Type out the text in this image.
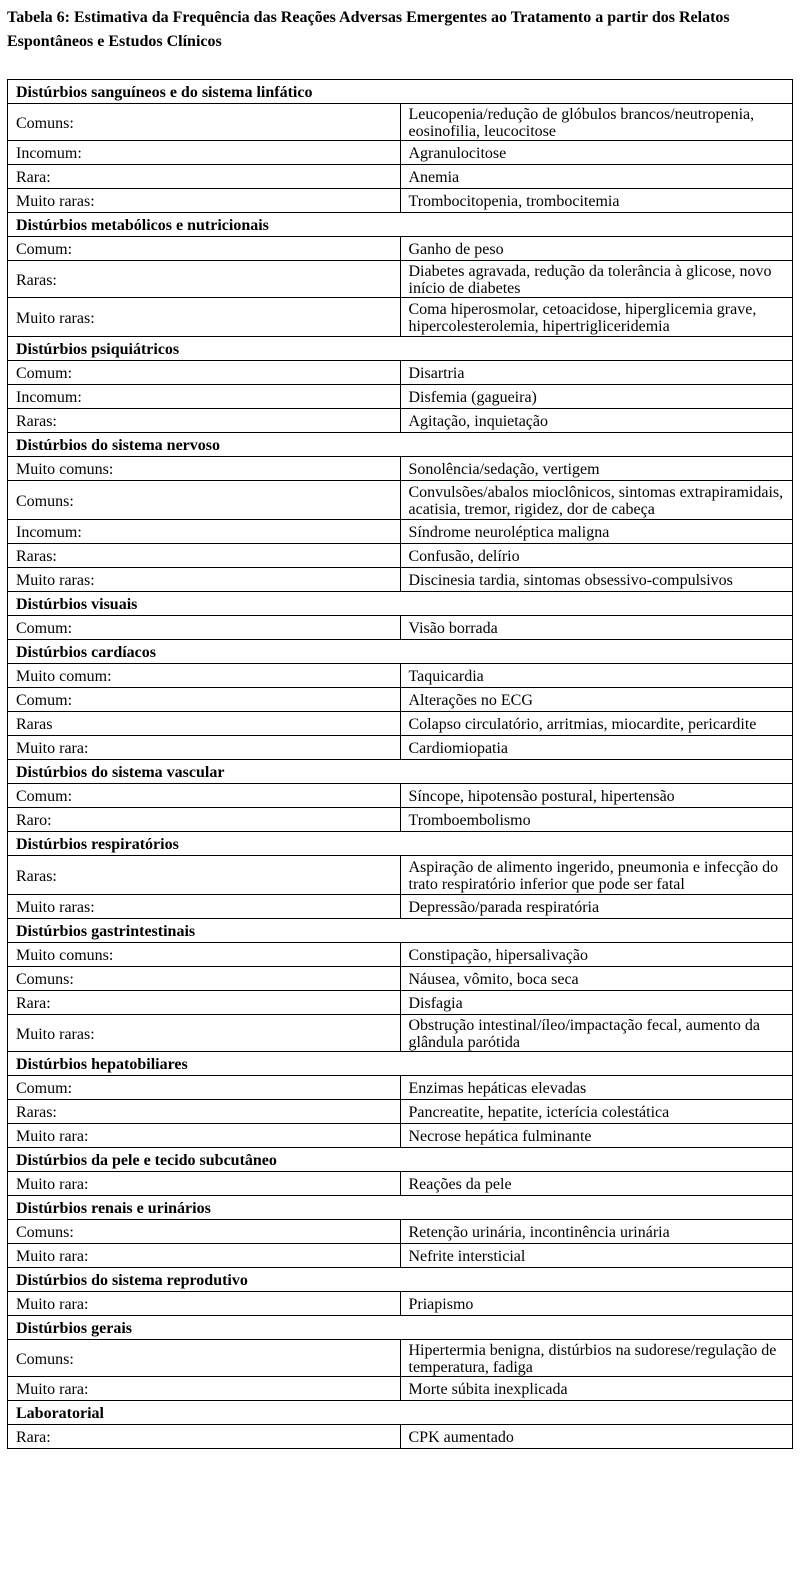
Tabela 6: Estimativa da Frequência das Reações Adversas Emergentes ao Tratamento a partir dos Relatos Espontâneos e Estudos Clínicos
Distúrbios sanguíneos e do sistema linfático	
Comuns:	Leucopenia/redução de glóbulos brancos/neutropenia, eosinofilia, leucocitose
Incomum:	Agranulocitose
Rara:	Anemia
Muito raras:	Trombocitopenia, trombocitemia
Distúrbios metabólicos e nutricionais	
Comum:	Ganho de peso
Raras:	Diabetes agravada, redução da tolerância à glicose, novo início de diabetes
Muito raras:	Coma hiperosmolar, cetoacidose, hiperglicemia grave, hipercolesterolemia, hipertrigliceridemia
Distúrbios psiquiátricos	
Comum:	Disartria
Incomum:	Disfemia (gagueira)
Raras:	Agitação, inquietação
Distúrbios do sistema nervoso	
Muito comuns:	Sonolência/sedação, vertigem
Comuns:	Convulsões/abalos mioclônicos, sintomas extrapiramidais, acatisia, tremor, rigidez, dor de cabeça
Incomum:	Síndrome neuroléptica maligna
Raras:	Confusão, delírio
Muito raras:	Discinesia tardia, sintomas obsessivo-compulsivos
Distúrbios visuais	
Comum:	Visão borrada
Distúrbios cardíacos	
Muito comum:	Taquicardia
Comum:	Alterações no ECG
Raras	Colapso circulatório, arritmias, miocardite, pericardite
Muito rara:	Cardiomiopatia
Distúrbios do sistema vascular	
Comum:	Síncope, hipotensão postural, hipertensão
Raro:	Tromboembolismo
Distúrbios respiratórios	
Raras:	Aspiração de alimento ingerido, pneumonia e infecção do trato respiratório inferior que pode ser fatal
Muito raras:	Depressão/parada respiratória
Distúrbios gastrintestinais	
Muito comuns:	Constipação, hipersalivação
Comuns:	Náusea, vômito, boca seca
Rara:	Disfagia
Muito raras:	Obstrução intestinal/íleo/impactação fecal, aumento da glândula parótida
Distúrbios hepatobiliares	
Comum:	Enzimas hepáticas elevadas
Raras:	Pancreatite, hepatite, icterícia colestática
Muito rara:	Necrose hepática fulminante
Distúrbios da pele e tecido subcutâneo	
Muito rara:	Reações da pele
Distúrbios renais e urinários	
Comuns:	Retenção urinária, incontinência urinária
Muito rara:	Nefrite intersticial
Distúrbios do sistema reprodutivo	
Muito rara:	Priapismo
Distúrbios gerais	
Comuns:	Hipertermia benigna, distúrbios na sudorese/regulação de temperatura, fadiga
Muito rara:	Morte súbita inexplicada
Laboratorial	
Rara:	CPK aumentado
